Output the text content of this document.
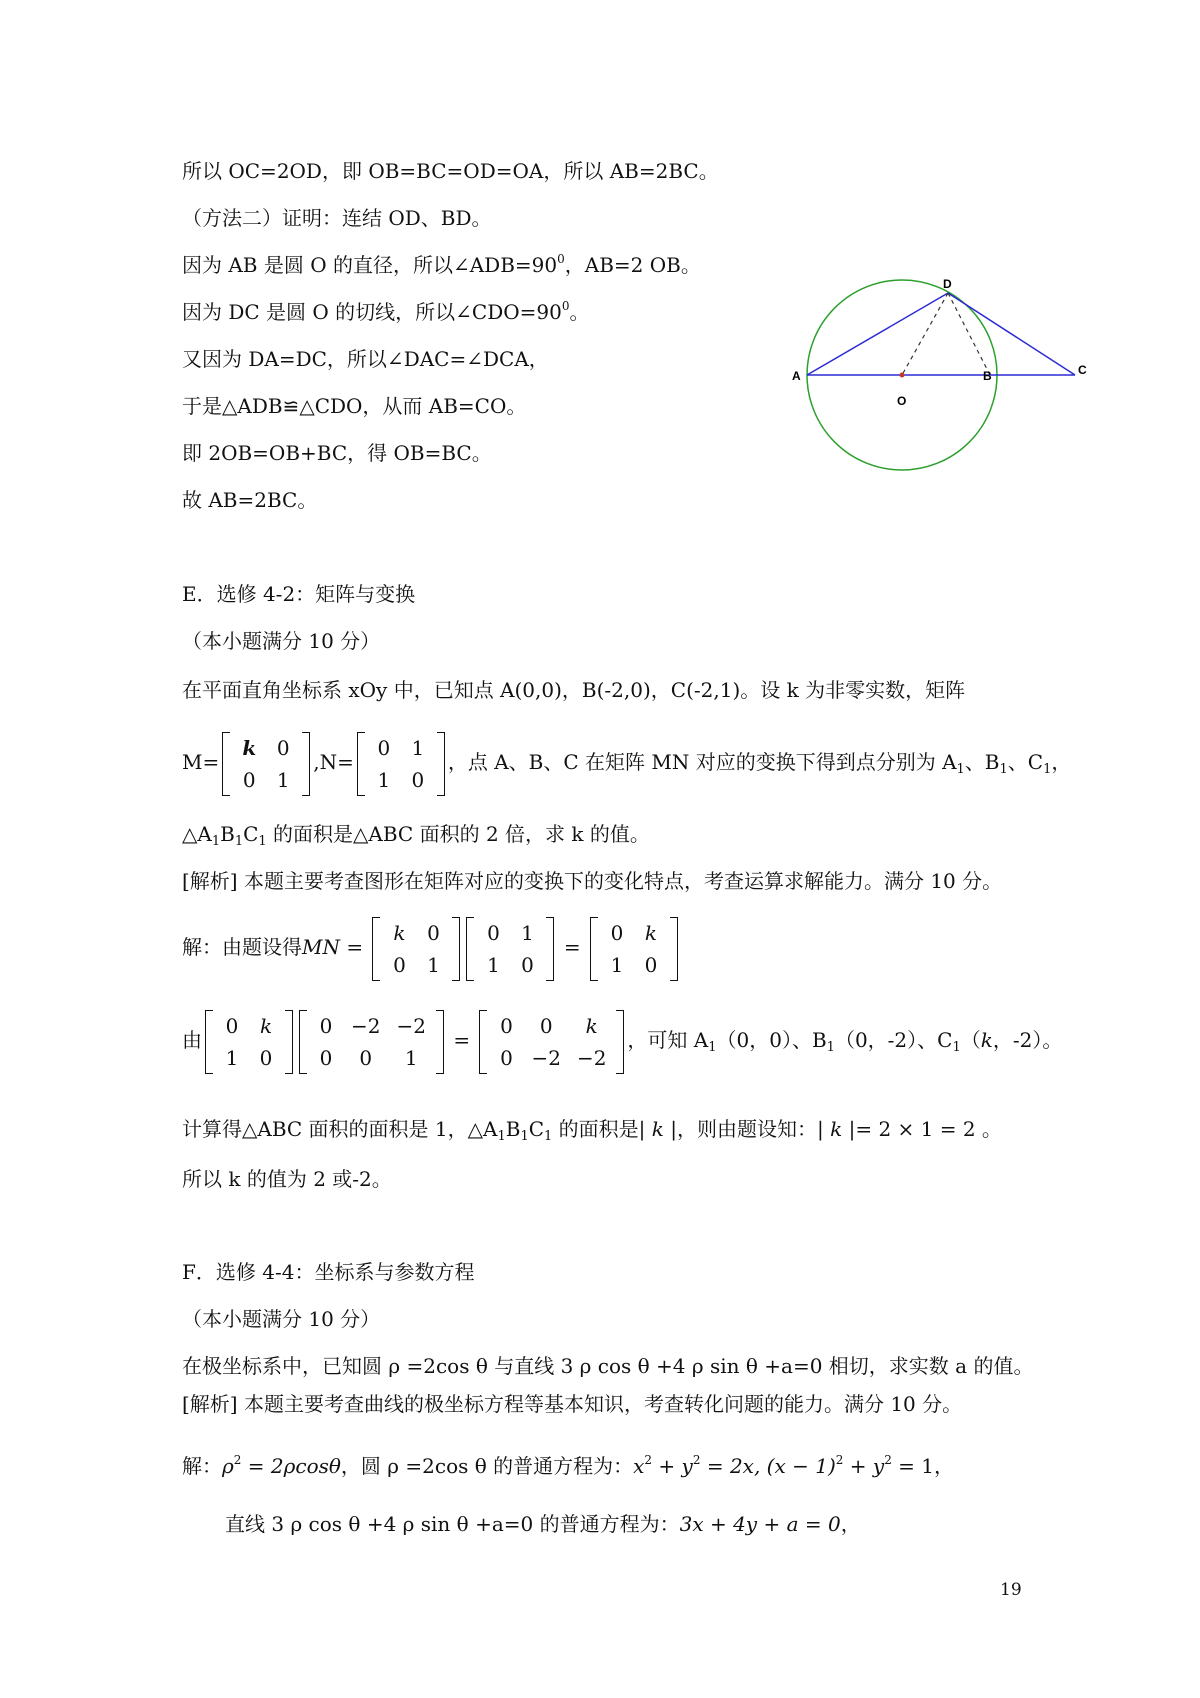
所以 OC=2OD，即 OB=BC=OD=OA，所以 AB=2BC。
（方法二）证明：连结 OD、BD。
因为 AB 是圆 O 的直径，所以$\angle ADB=90^0$，AB=2 OB。
因为 DC 是圆 O 的切线，所以$\angle CDO=90^0$。
又因为 DA=DC，所以∠DAC=∠DCA，
于是△ADB≌△CDO，从而 AB=CO。
即 2OB=OB+BC，得 OB=BC。
故 AB=2BC。
A
D
B	C
O
E．选修 4-2：矩阵与变换
（本小题满分 10 分）
在平面直角坐标系 xOy 中，已知点 A(0,0)，B(-2,0)，C(-2,1)。设 k 为非零实数，矩阵
M=
k	0
0	1
,N=
0	1
1	0
，点 A、B、C 在矩阵 MN 对应的变换下得到点分别为 $A_1$、$B_1$、$C_1$，
$\triangle A_1B_1C_1$ 的面积是△ABC 面积的 2 倍，求 k 的值。
[解析] 本题主要考查图形在矩阵对应的变换下的变化特点，考查运算求解能力。满分 10 分。
解：由题设得MN =
k	0
0	1
0	1
1	0
=
0	k
1	0
由
0	k
1	0
0	−2	−2
0	0	1
=
0	0	k
0	−2	−2
，可知 $A_1(0$，0）、$B_1(0$，-2）、$C_1(k$，-2）。
计算得△ABC 面积的面积是 1，$\triangle A_1B_1C_1$ 的面积是| k |，则由题设知：| k |= 2 × 1 = 2 。
所以 k 的值为 2 或-2。
F．选修 4-4：坐标系与参数方程
（本小题满分 10 分）
在极坐标系中，已知圆 ρ =2cos θ 与直线 3 ρ cos θ +4 ρ sin θ +a=0 相切，求实数 a 的值。
[解析] 本题主要考查曲线的极坐标方程等基本知识，考查转化问题的能力。满分 10 分。
解：$\rho^2 = 2\rho\cos\theta$，圆 ρ =2cos θ 的普通方程为：$x^2 + y^2 = 2x$, $(x - 1)^2 + y^2 = 1$，
直线 3 ρ cos θ +4 ρ sin θ +a=0 的普通方程为：3x + 4y + a = 0，
19
